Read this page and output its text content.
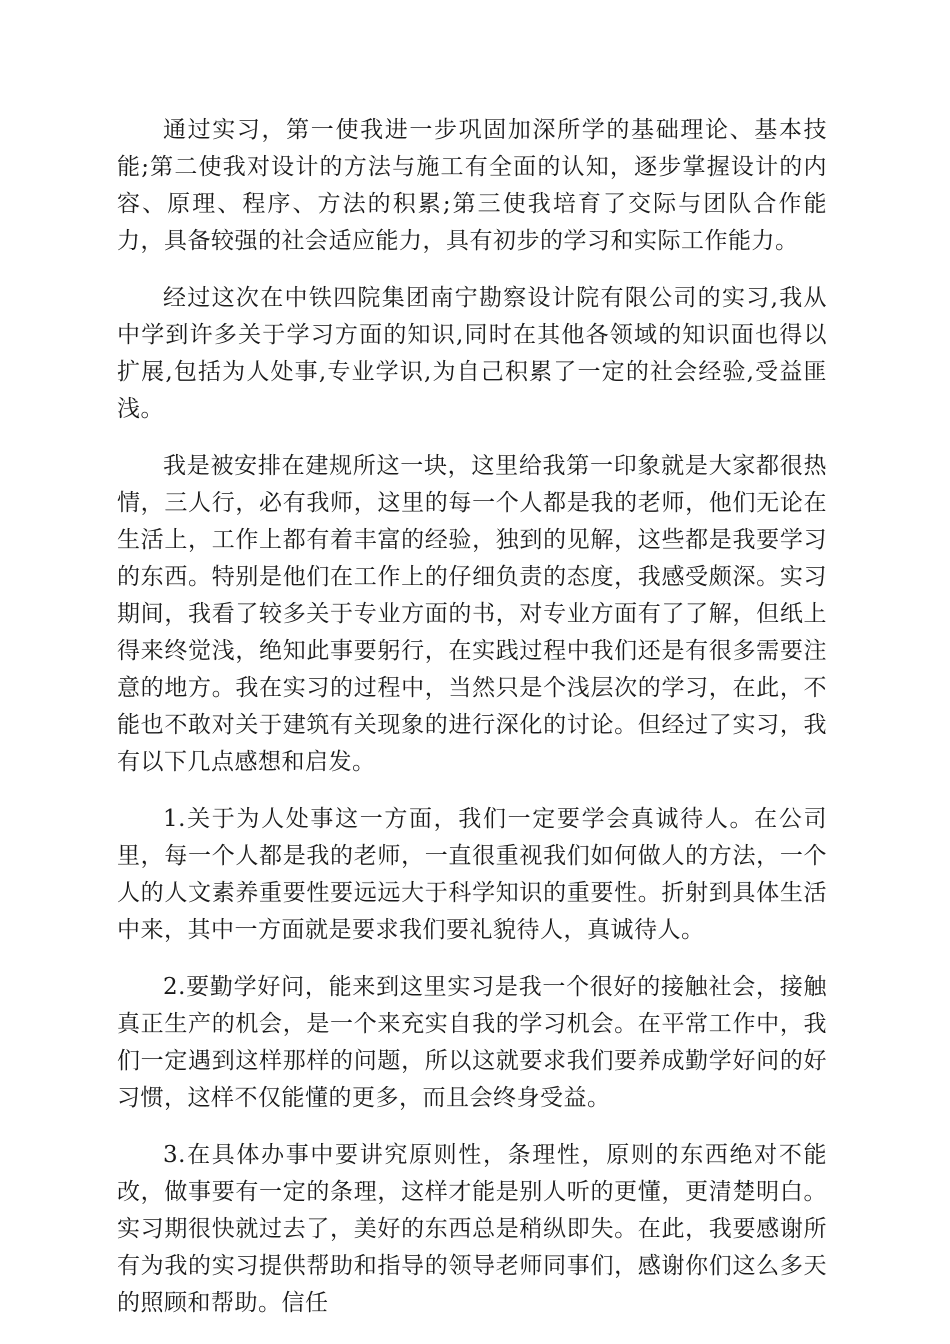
通过实习，第一使我进一步巩固加深所学的基础理论、基本技能;第二使我对设计的方法与施工有全面的认知，逐步掌握设计的内容、原理、程序、方法的积累;第三使我培育了交际与团队合作能力，具备较强的社会适应能力，具有初步的学习和实际工作能力。

经过这次在中铁四院集团南宁勘察设计院有限公司的实习,我从中学到许多关于学习方面的知识,同时在其他各领域的知识面也得以扩展,包括为人处事,专业学识,为自己积累了一定的社会经验,受益匪浅。

我是被安排在建规所这一块，这里给我第一印象就是大家都很热情，三人行，必有我师，这里的每一个人都是我的老师，他们无论在生活上，工作上都有着丰富的经验，独到的见解，这些都是我要学习的东西。特别是他们在工作上的仔细负责的态度，我感受颇深。实习期间，我看了较多关于专业方面的书，对专业方面有了了解，但纸上得来终觉浅，绝知此事要躬行，在实践过程中我们还是有很多需要注意的地方。我在实习的过程中，当然只是个浅层次的学习，在此，不能也不敢对关于建筑有关现象的进行深化的讨论。但经过了实习，我有以下几点感想和启发。

1.关于为人处事这一方面，我们一定要学会真诚待人。在公司里，每一个人都是我的老师，一直很重视我们如何做人的方法，一个人的人文素养重要性要远远大于科学知识的重要性。折射到具体生活中来，其中一方面就是要求我们要礼貌待人，真诚待人。

2.要勤学好问，能来到这里实习是我一个很好的接触社会，接触真正生产的机会，是一个来充实自我的学习机会。在平常工作中，我们一定遇到这样那样的问题，所以这就要求我们要养成勤学好问的好习惯，这样不仅能懂的更多，而且会终身受益。

3.在具体办事中要讲究原则性，条理性，原则的东西绝对不能改，做事要有一定的条理，这样才能是别人听的更懂，更清楚明白。实习期很快就过去了，美好的东西总是稍纵即失。在此，我要感谢所有为我的实习提供帮助和指导的领导老师同事们，感谢你们这么多天的照顾和帮助。信任
